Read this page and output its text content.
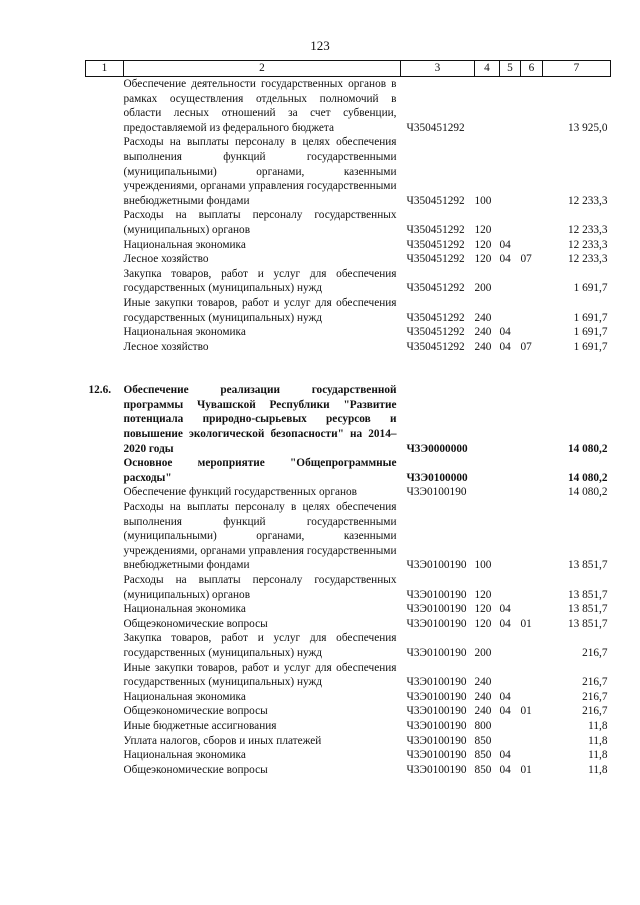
123
1	2	3	4	5	6	7
	Обеспечение деятельности государственных органов в рамках осуществления отдельных полномочий в области лесных отношений за счет субвенции, предоставляемой из федерального бюджета	Ч350451292				13 925,0
	Расходы на выплаты персоналу в целях обеспечения выполнения функций государственными (муниципальными) органами, казенными учреждениями, органами управления государственными внебюджетными фондами	Ч350451292	100			12 233,3
	Расходы на выплаты персоналу государственных (муниципальных) органов	Ч350451292	120			12 233,3
	Национальная экономика	Ч350451292	120	04		12 233,3
	Лесное хозяйство	Ч350451292	120	04	07	12 233,3
	Закупка товаров, работ и услуг для обеспечения государственных (муниципальных) нужд	Ч350451292	200			1 691,7
	Иные закупки товаров, работ и услуг для обеспечения государственных (муниципальных) нужд	Ч350451292	240			1 691,7
	Национальная экономика	Ч350451292	240	04		1 691,7
	Лесное хозяйство	Ч350451292	240	04	07	1 691,7

12.6.	Обеспечение реализации государственной программы Чувашской Республики "Развитие потенциала природно-сырьевых ресурсов и повышение экологической безопасности" на 2014–2020 годы	Ч3Э0000000				14 080,2
	Основное мероприятие "Общепрограммные расходы"	Ч3Э0100000				14 080,2
	Обеспечение функций государственных органов	Ч3Э0100190				14 080,2
	Расходы на выплаты персоналу в целях обеспечения выполнения функций государственными (муниципальными) органами, казенными учреждениями, органами управления государственными внебюджетными фондами	Ч3Э0100190	100			13 851,7
	Расходы на выплаты персоналу государственных (муниципальных) органов	Ч3Э0100190	120			13 851,7
	Национальная экономика	Ч3Э0100190	120	04		13 851,7
	Общеэкономические вопросы	Ч3Э0100190	120	04	01	13 851,7
	Закупка товаров, работ и услуг для обеспечения государственных (муниципальных) нужд	Ч3Э0100190	200			216,7
	Иные закупки товаров, работ и услуг для обеспечения государственных (муниципальных) нужд	Ч3Э0100190	240			216,7
	Национальная экономика	Ч3Э0100190	240	04		216,7
	Общеэкономические вопросы	Ч3Э0100190	240	04	01	216,7
	Иные бюджетные ассигнования	Ч3Э0100190	800			11,8
	Уплата налогов, сборов и иных платежей	Ч3Э0100190	850			11,8
	Национальная экономика	Ч3Э0100190	850	04		11,8
	Общеэкономические вопросы	Ч3Э0100190	850	04	01	11,8
